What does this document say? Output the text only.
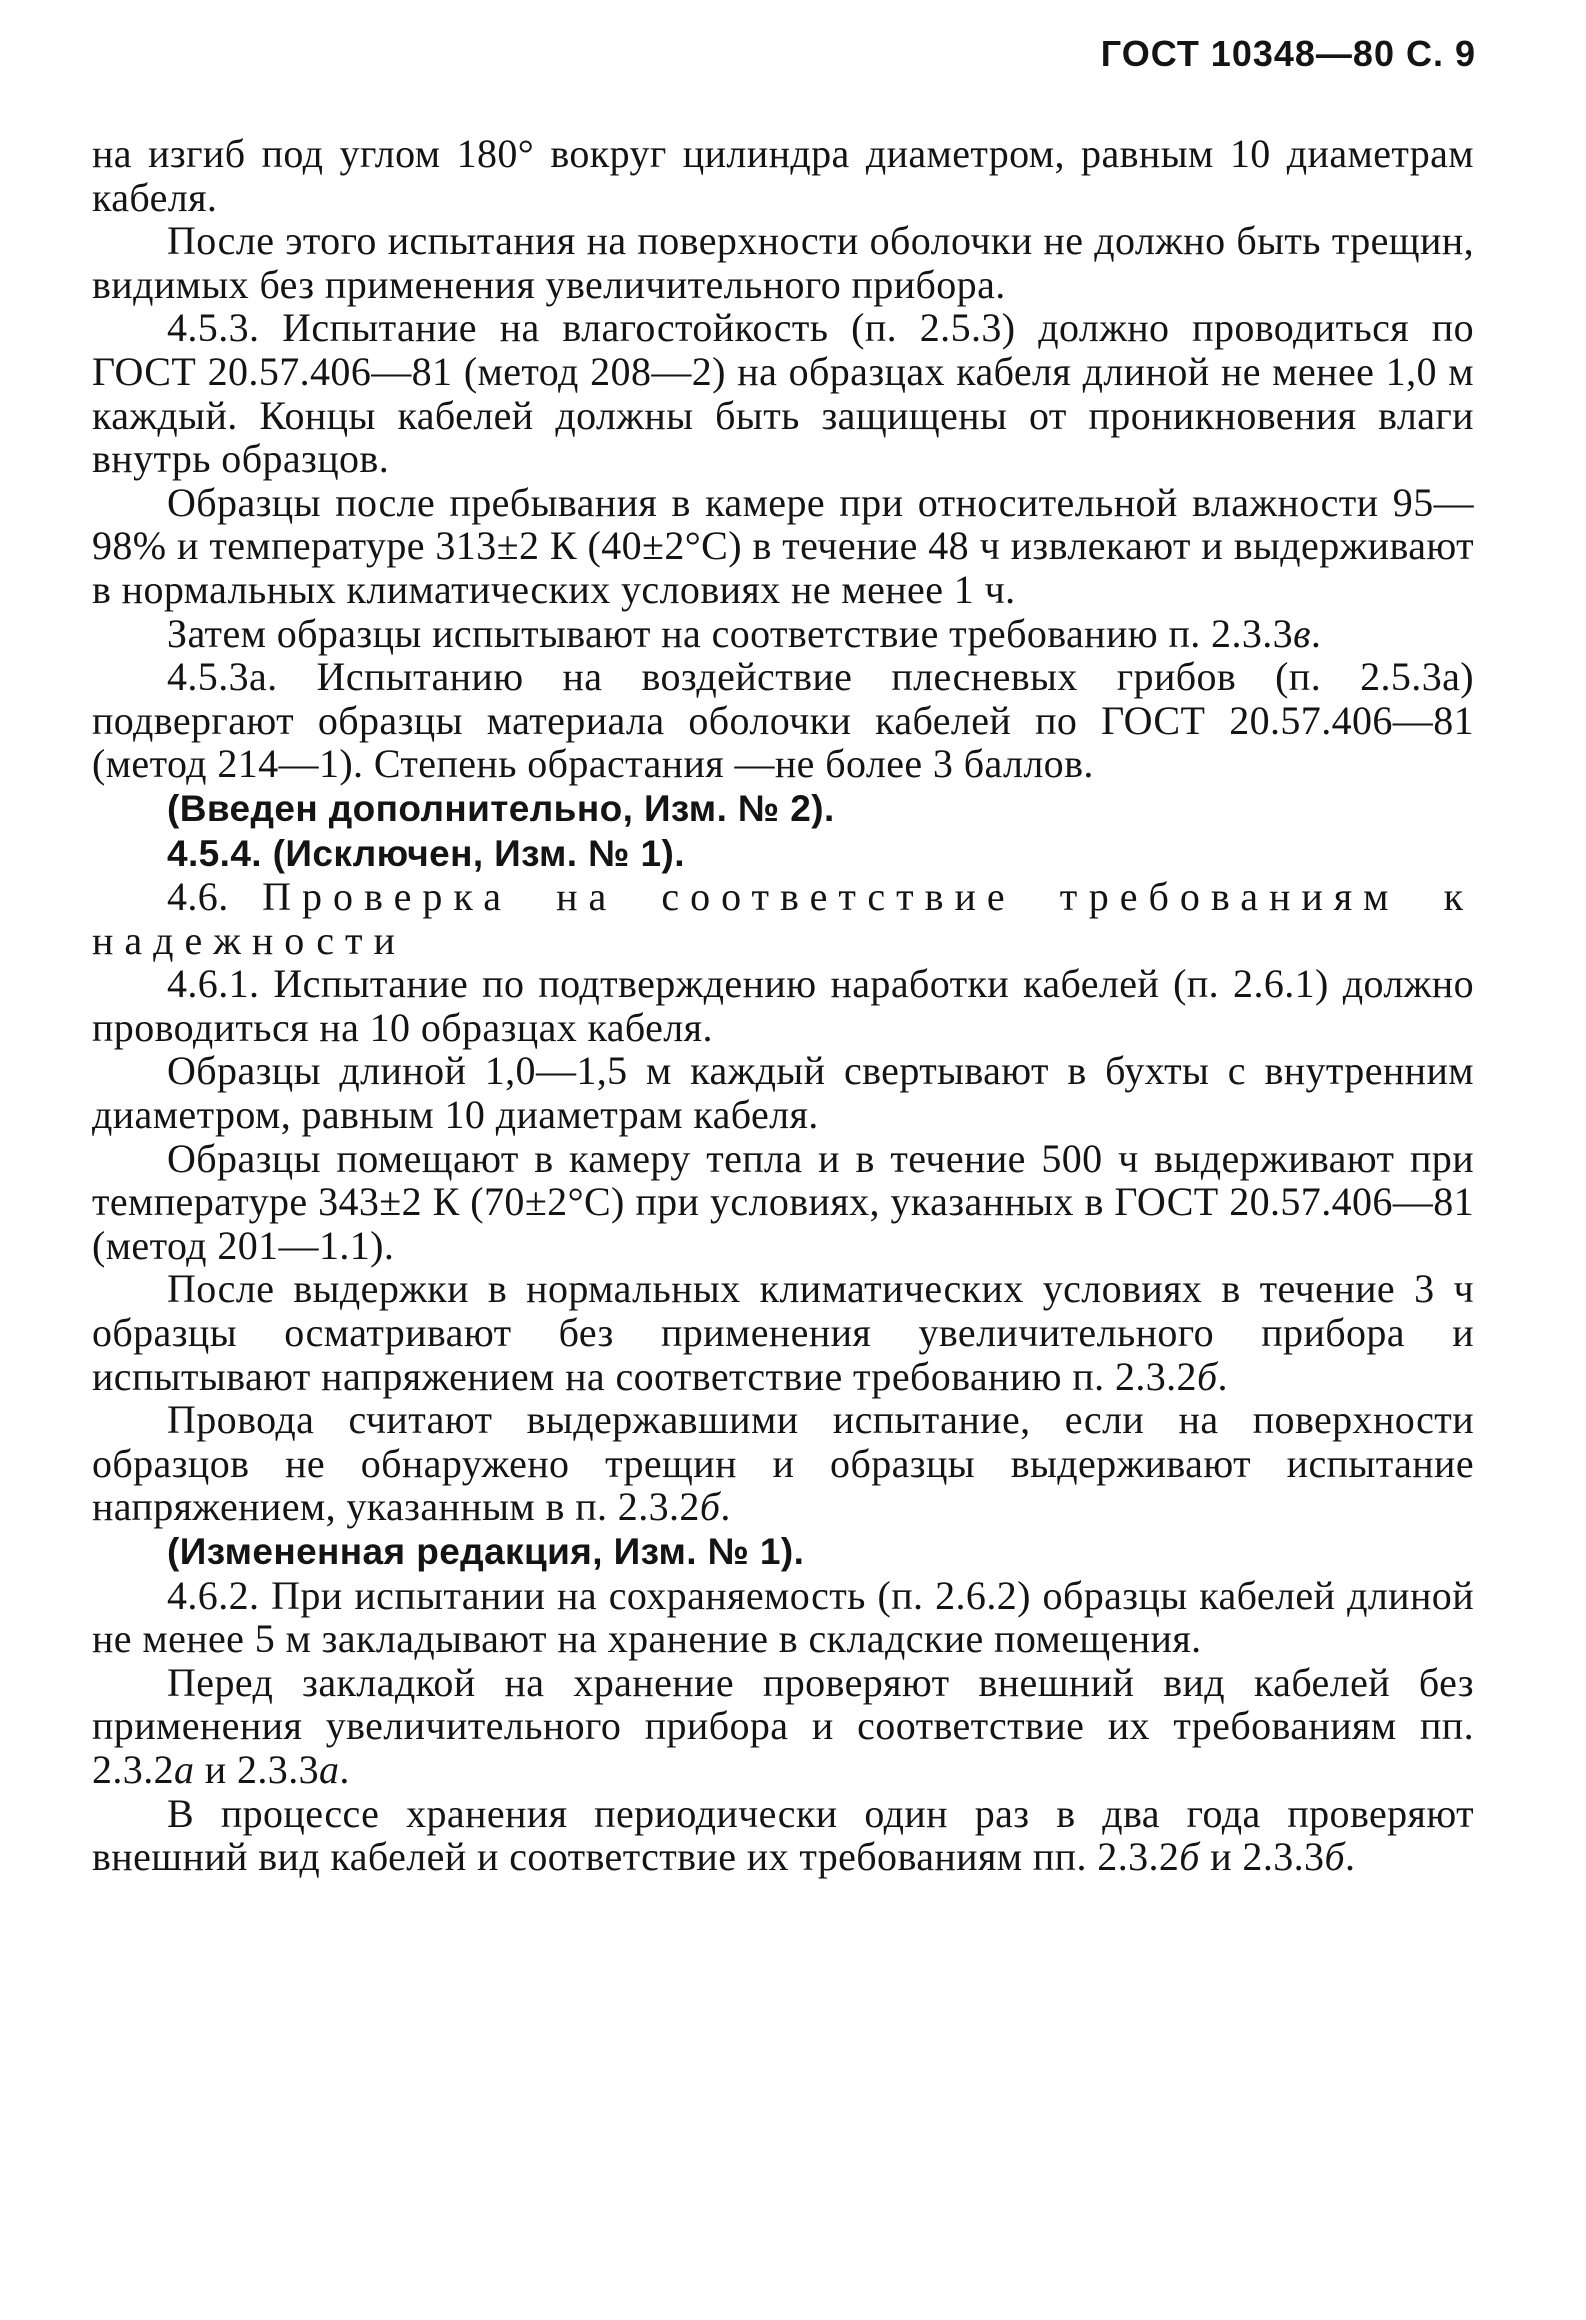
ГОСТ 10348—80 С. 9

на изгиб под углом 180° вокруг цилиндра диаметром, равным 10 диаметрам кабеля.

После этого испытания на поверхности оболочки не должно быть трещин, видимых без применения увеличительного прибора.

4.5.3. Испытание на влагостойкость (п. 2.5.3) должно проводиться по ГОСТ 20.57.406—81 (метод 208—2) на образцах кабеля длиной не менее 1,0 м каждый. Концы кабелей должны быть защищены от проникновения влаги внутрь образцов.

Образцы после пребывания в камере при относительной влажности 95—98% и температуре 313±2 К (40±2°С) в течение 48 ч извлекают и выдерживают в нормальных климатических условиях не менее 1 ч.

Затем образцы испытывают на соответствие требованию п. 2.3.3в.

4.5.3а. Испытанию на воздействие плесневых грибов (п. 2.5.3а) подвергают образцы материала оболочки кабелей по ГОСТ 20.57.406—81 (метод 214—1). Степень обрастания —не более 3 баллов.

(Введен дополнительно, Изм. № 2).

4.5.4. (Исключен, Изм. № 1).

4.6. Проверка на соответствие требованиям к надежности

4.6.1. Испытание по подтверждению наработки кабелей (п. 2.6.1) должно проводиться на 10 образцах кабеля.

Образцы длиной 1,0—1,5 м каждый свертывают в бухты с внутренним диаметром, равным 10 диаметрам кабеля.

Образцы помещают в камеру тепла и в течение 500 ч выдерживают при температуре 343±2 К (70±2°С) при условиях, указанных в ГОСТ 20.57.406—81 (метод 201—1.1).

После выдержки в нормальных климатических условиях в течение 3 ч образцы осматривают без применения увеличительного прибора и испытывают напряжением на соответствие требованию п. 2.3.2б.

Провода считают выдержавшими испытание, если на поверхности образцов не обнаружено трещин и образцы выдерживают испытание напряжением, указанным в п. 2.3.2б.

(Измененная редакция, Изм. № 1).

4.6.2. При испытании на сохраняемость (п. 2.6.2) образцы кабелей длиной не менее 5 м закладывают на хранение в складские помещения.

Перед закладкой на хранение проверяют внешний вид кабелей без применения увеличительного прибора и соответствие их требованиям пп. 2.3.2а и 2.3.3а.

В процессе хранения периодически один раз в два года проверяют внешний вид кабелей и соответствие их требованиям пп. 2.3.2б и 2.3.3б.
